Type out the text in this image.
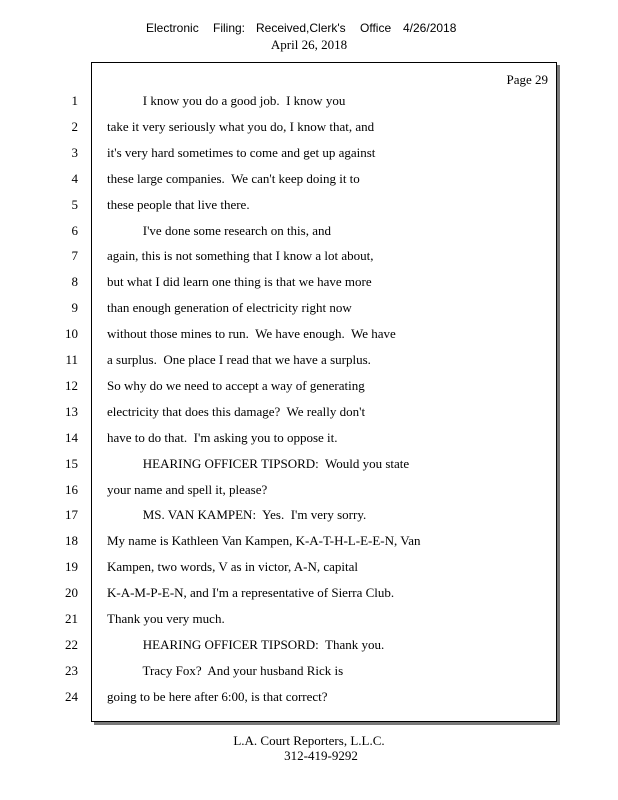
Electronic Filing: Received,Clerk's Office 4/26/2018
April 26, 2018
Page 29
1 I know you do a good job.  I know you
2 take it very seriously what you do, I know that, and
3 it's very hard sometimes to come and get up against
4 these large companies.  We can't keep doing it to
5 these people that live there.
6 I've done some research on this, and
7 again, this is not something that I know a lot about,
8 but what I did learn one thing is that we have more
9 than enough generation of electricity right now
10 without those mines to run.  We have enough.  We have
11 a surplus.  One place I read that we have a surplus.
12 So why do we need to accept a way of generating
13 electricity that does this damage?  We really don't
14 have to do that.  I'm asking you to oppose it.
15 HEARING OFFICER TIPSORD:  Would you state
16 your name and spell it, please?
17 MS. VAN KAMPEN:  Yes.  I'm very sorry.
18 My name is Kathleen Van Kampen, K-A-T-H-L-E-E-N, Van
19 Kampen, two words, V as in victor, A-N, capital
20 K-A-M-P-E-N, and I'm a representative of Sierra Club.
21 Thank you very much.
22 HEARING OFFICER TIPSORD:  Thank you.
23 Tracy Fox?  And your husband Rick is
24 going to be here after 6:00, is that correct?
L.A. Court Reporters, L.L.C.
312-419-9292
